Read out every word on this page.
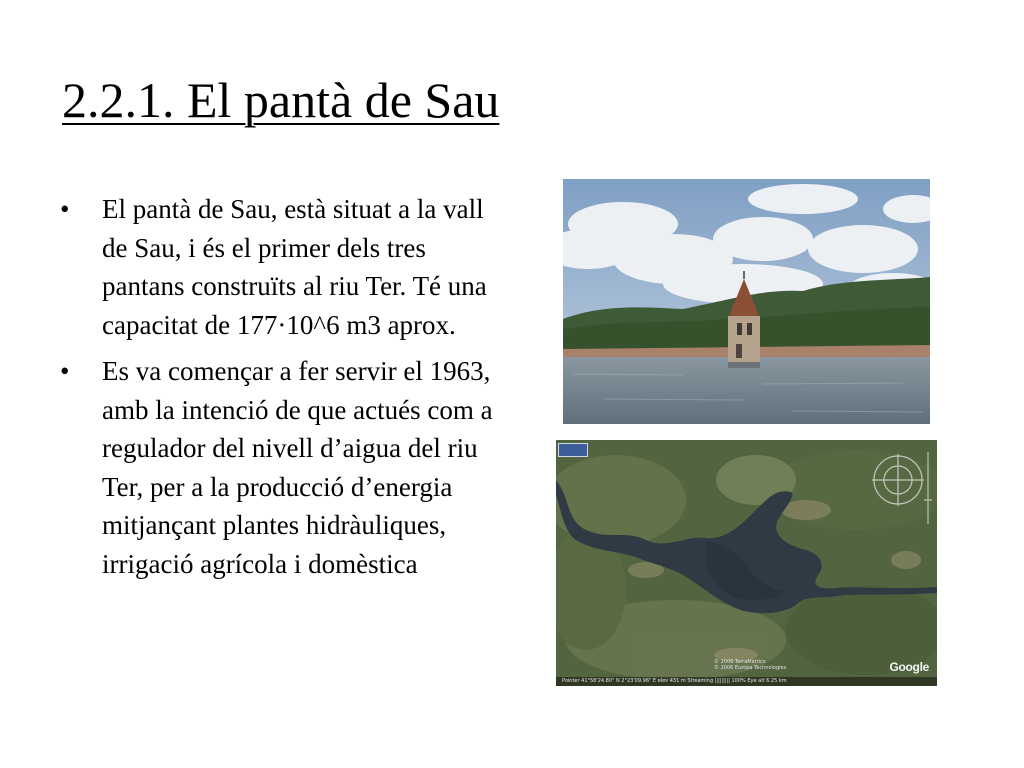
2.2.1. El pantà de Sau
• El pantà de Sau, està situat a la vall de Sau, i és el primer dels tres pantans construïts al riu Ter. Té una capacitat de 177·10^6 m3 aprox.
• Es va començar a fer servir el 1963, amb la intenció de que actués com a regulador del nivell d’aigua del riu Ter, per a la producció d’energia mitjançant plantes hidràuliques, irrigació agrícola i domèstica
© 2006 TerraMetrics
© 2006 Europa Technologies	Google
Pointer 41°58'24.80" N 2°23'09.96" E elev 431 m Streaming ||||||||| 100% Eye alt 6.25 km
